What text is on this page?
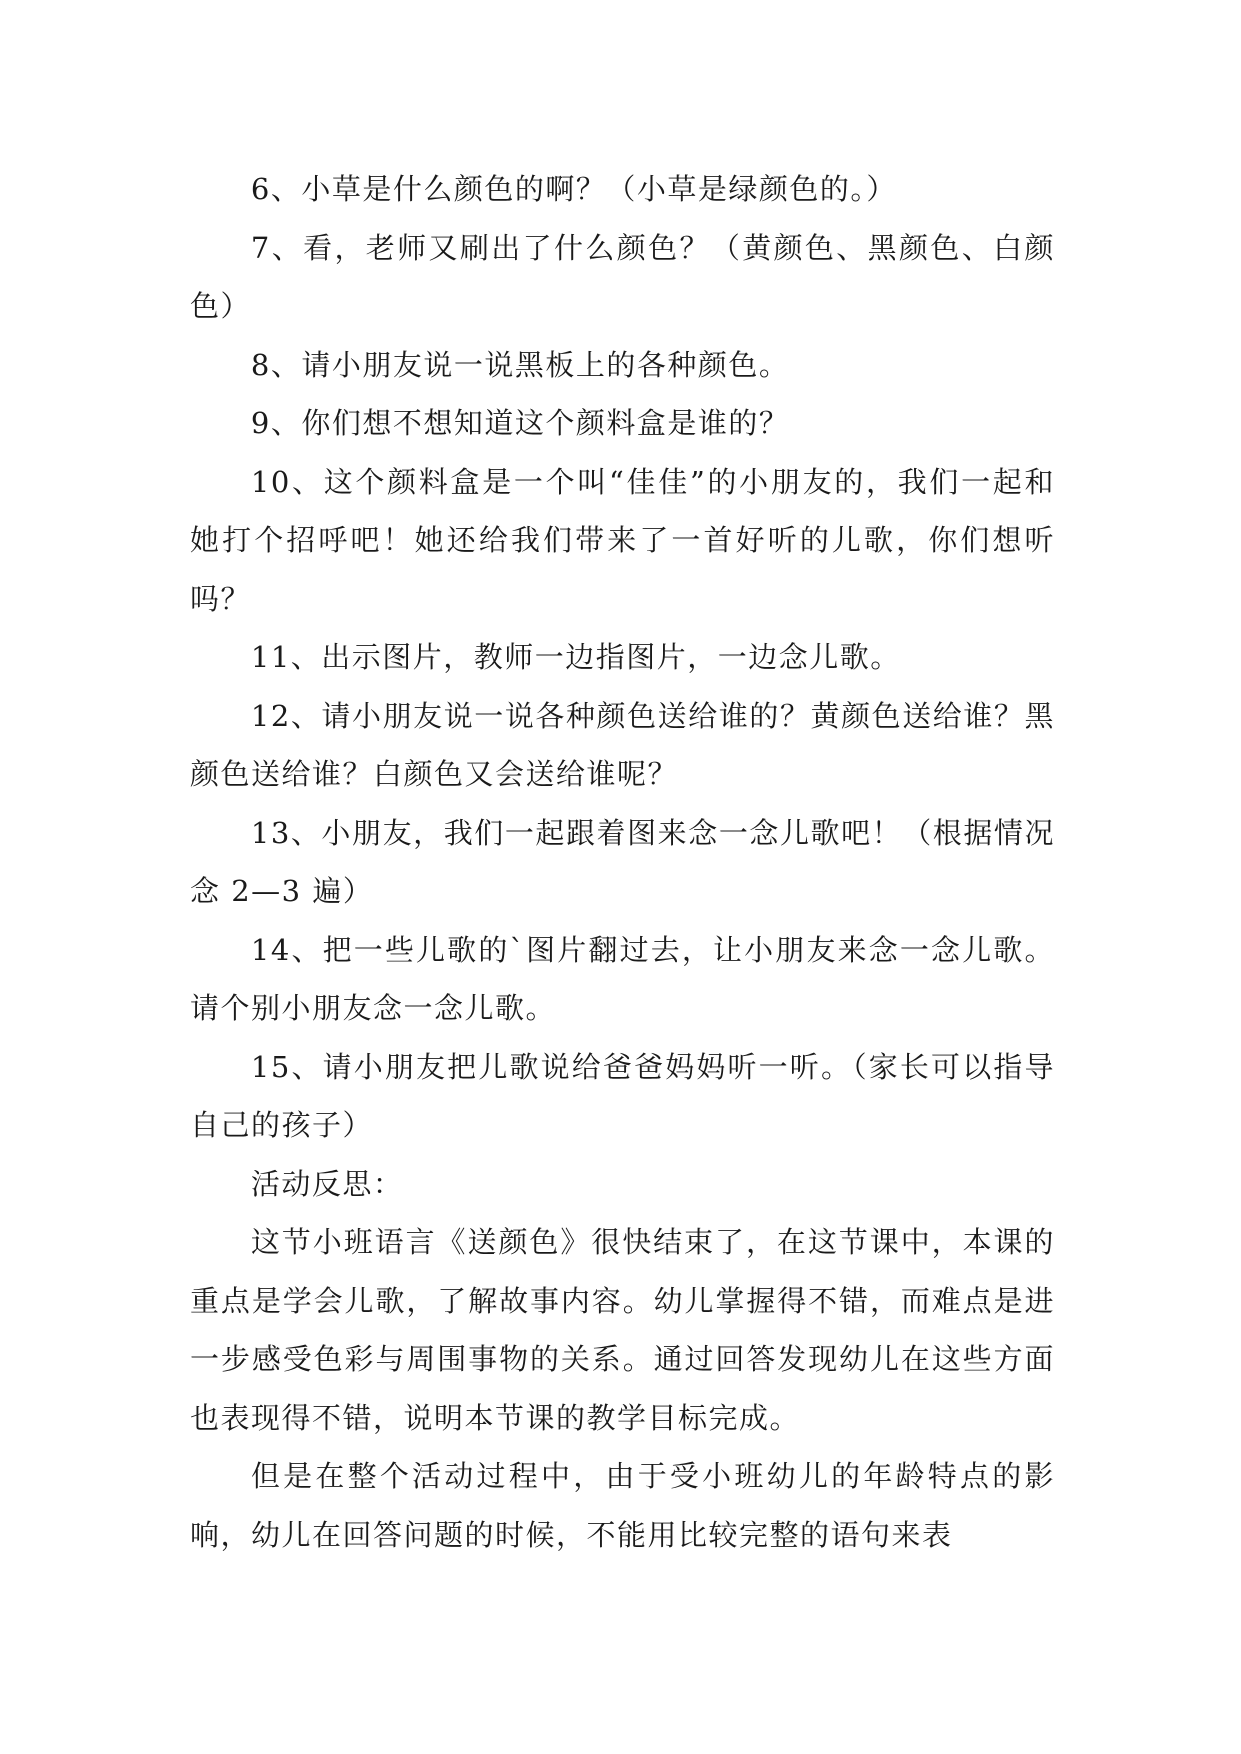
6、小草是什么颜色的啊？（小草是绿颜色的。）

7、看，老师又刷出了什么颜色？（黄颜色、黑颜色、白颜色）

8、请小朋友说一说黑板上的各种颜色。

9、你们想不想知道这个颜料盒是谁的？

10、这个颜料盒是一个叫“佳佳”的小朋友的，我们一起和她打个招呼吧！她还给我们带来了一首好听的儿歌，你们想听吗？

11、出示图片，教师一边指图片，一边念儿歌。

12、请小朋友说一说各种颜色送给谁的？黄颜色送给谁？黑颜色送给谁？白颜色又会送给谁呢？

13、小朋友，我们一起跟着图来念一念儿歌吧！（根据情况念 2—3 遍）

14、把一些儿歌的`图片翻过去，让小朋友来念一念儿歌。请个别小朋友念一念儿歌。

15、请小朋友把儿歌说给爸爸妈妈听一听。（家长可以指导自己的孩子）

活动反思：

这节小班语言《送颜色》很快结束了，在这节课中，本课的重点是学会儿歌，了解故事内容。幼儿掌握得不错，而难点是进一步感受色彩与周围事物的关系。通过回答发现幼儿在这些方面也表现得不错，说明本节课的教学目标完成。

但是在整个活动过程中，由于受小班幼儿的年龄特点的影响，幼儿在回答问题的时候，不能用比较完整的语句来表
